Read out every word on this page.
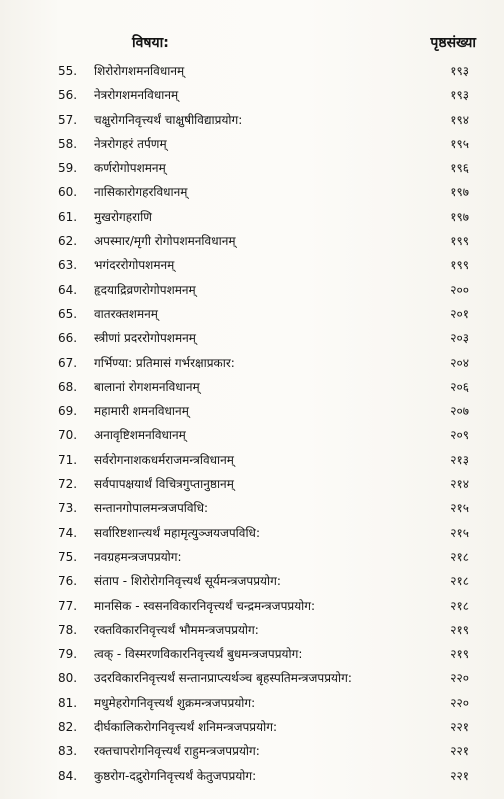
विषया:	पृष्ठसंख्या
55.	शिरोरोगशमनविधानम्	१९३
56.	नेत्ररोगशमनविधानम्	१९३
57.	चक्षुरोगनिवृत्त्यर्थं चाक्षुषीविद्याप्रयोग:	१९४
58.	नेत्ररोगहरं तर्पणम्	१९५
59.	कर्णरोगोपशमनम्	१९६
60.	नासिकारोगहरविधानम्	१९७
61.	मुखरोगहराणि	१९७
62.	अपस्मार/मृगी रोगोपशमनविधानम्	१९९
63.	भगंदररोगोपशमनम्	१९९
64.	हृदयाद्रिव्रणरोगोपशमनम्	२००
65.	वातरक्तशमनम्	२०१
66.	स्त्रीणां प्रदररोगोपशमनम्	२०३
67.	गर्भिण्या: प्रतिमासं गर्भरक्षाप्रकार:	२०४
68.	बालानां रोगशमनविधानम्	२०६
69.	महामारी शमनविधानम्	२०७
70.	अनावृष्टिशमनविधानम्	२०९
71.	सर्वरोगनाशकधर्मराजमन्त्रविधानम्	२१३
72.	सर्वपापक्षयार्थं विचित्रगुप्तानुष्ठानम्	२१४
73.	सन्तानगोपालमन्त्रजपविधि:	२१५
74.	सर्वारिष्टशान्त्यर्थं महामृत्युञ्जयजपविधि:	२१५
75.	नवग्रहमन्त्रजपप्रयोग:	२१८
76.	संताप - शिरोरोगनिवृत्त्यर्थं सूर्यमन्त्रजपप्रयोग:	२१८
77.	मानसिक - स्वसनविकारनिवृत्त्यर्थं चन्द्रमन्त्रजपप्रयोग:	२१८
78.	रक्तविकारनिवृत्त्यर्थं भौममन्त्रजपप्रयोग:	२१९
79.	त्वक् - विस्मरणविकारनिवृत्त्यर्थं बुधमन्त्रजपप्रयोग:	२१९
80.	उदरविकारनिवृत्त्यर्थं सन्तानप्राप्त्यर्थञ्च बृहस्पतिमन्त्रजपप्रयोग:	२२०
81.	मधुमेहरोगनिवृत्त्यर्थं शुक्रमन्त्रजपप्रयोग:	२२०
82.	दीर्घकालिकरोगनिवृत्त्यर्थं शनिमन्त्रजपप्रयोग:	२२१
83.	रक्तचापरोगनिवृत्त्यर्थं राहुमन्त्रजपप्रयोग:	२२१
84.	कुष्ठरोग-दद्रुरोगनिवृत्त्यर्थं केतुजपप्रयोग:	२२१
